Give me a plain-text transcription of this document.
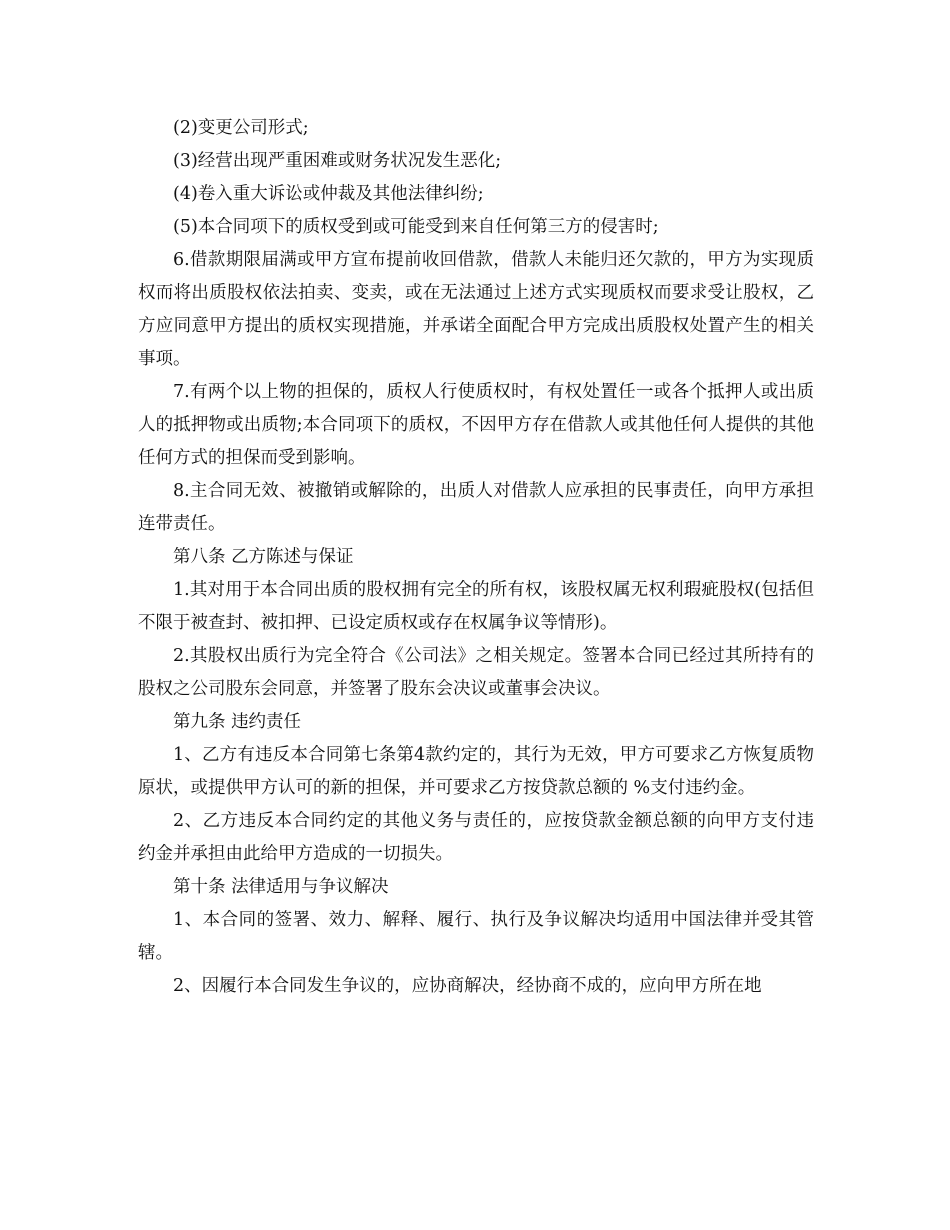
(2)变更公司形式;

(3)经营出现严重困难或财务状况发生恶化;

(4)卷入重大诉讼或仲裁及其他法律纠纷;

(5)本合同项下的质权受到或可能受到来自任何第三方的侵害时;

6.借款期限届满或甲方宣布提前收回借款，借款人未能归还欠款的，甲方为实现质权而将出质股权依法拍卖、变卖，或在无法通过上述方式实现质权而要求受让股权，乙方应同意甲方提出的质权实现措施，并承诺全面配合甲方完成出质股权处置产生的相关事项。

7.有两个以上物的担保的，质权人行使质权时，有权处置任一或各个抵押人或出质人的抵押物或出质物;本合同项下的质权，不因甲方存在借款人或其他任何人提供的其他任何方式的担保而受到影响。

8.主合同无效、被撤销或解除的，出质人对借款人应承担的民事责任，向甲方承担连带责任。

第八条 乙方陈述与保证

1.其对用于本合同出质的股权拥有完全的所有权，该股权属无权利瑕疵股权(包括但不限于被查封、被扣押、已设定质权或存在权属争议等情形)。

2.其股权出质行为完全符合《公司法》之相关规定。签署本合同已经过其所持有的股权之公司股东会同意，并签署了股东会决议或董事会决议。

第九条 违约责任

1、乙方有违反本合同第七条第4款约定的，其行为无效，甲方可要求乙方恢复质物原状，或提供甲方认可的新的担保，并可要求乙方按贷款总额的 %支付违约金。

2、乙方违反本合同约定的其他义务与责任的，应按贷款金额总额的向甲方支付违约金并承担由此给甲方造成的一切损失。

第十条 法律适用与争议解决

1、本合同的签署、效力、解释、履行、执行及争议解决均适用中国法律并受其管辖。

2、因履行本合同发生争议的，应协商解决，经协商不成的，应向甲方所在地
